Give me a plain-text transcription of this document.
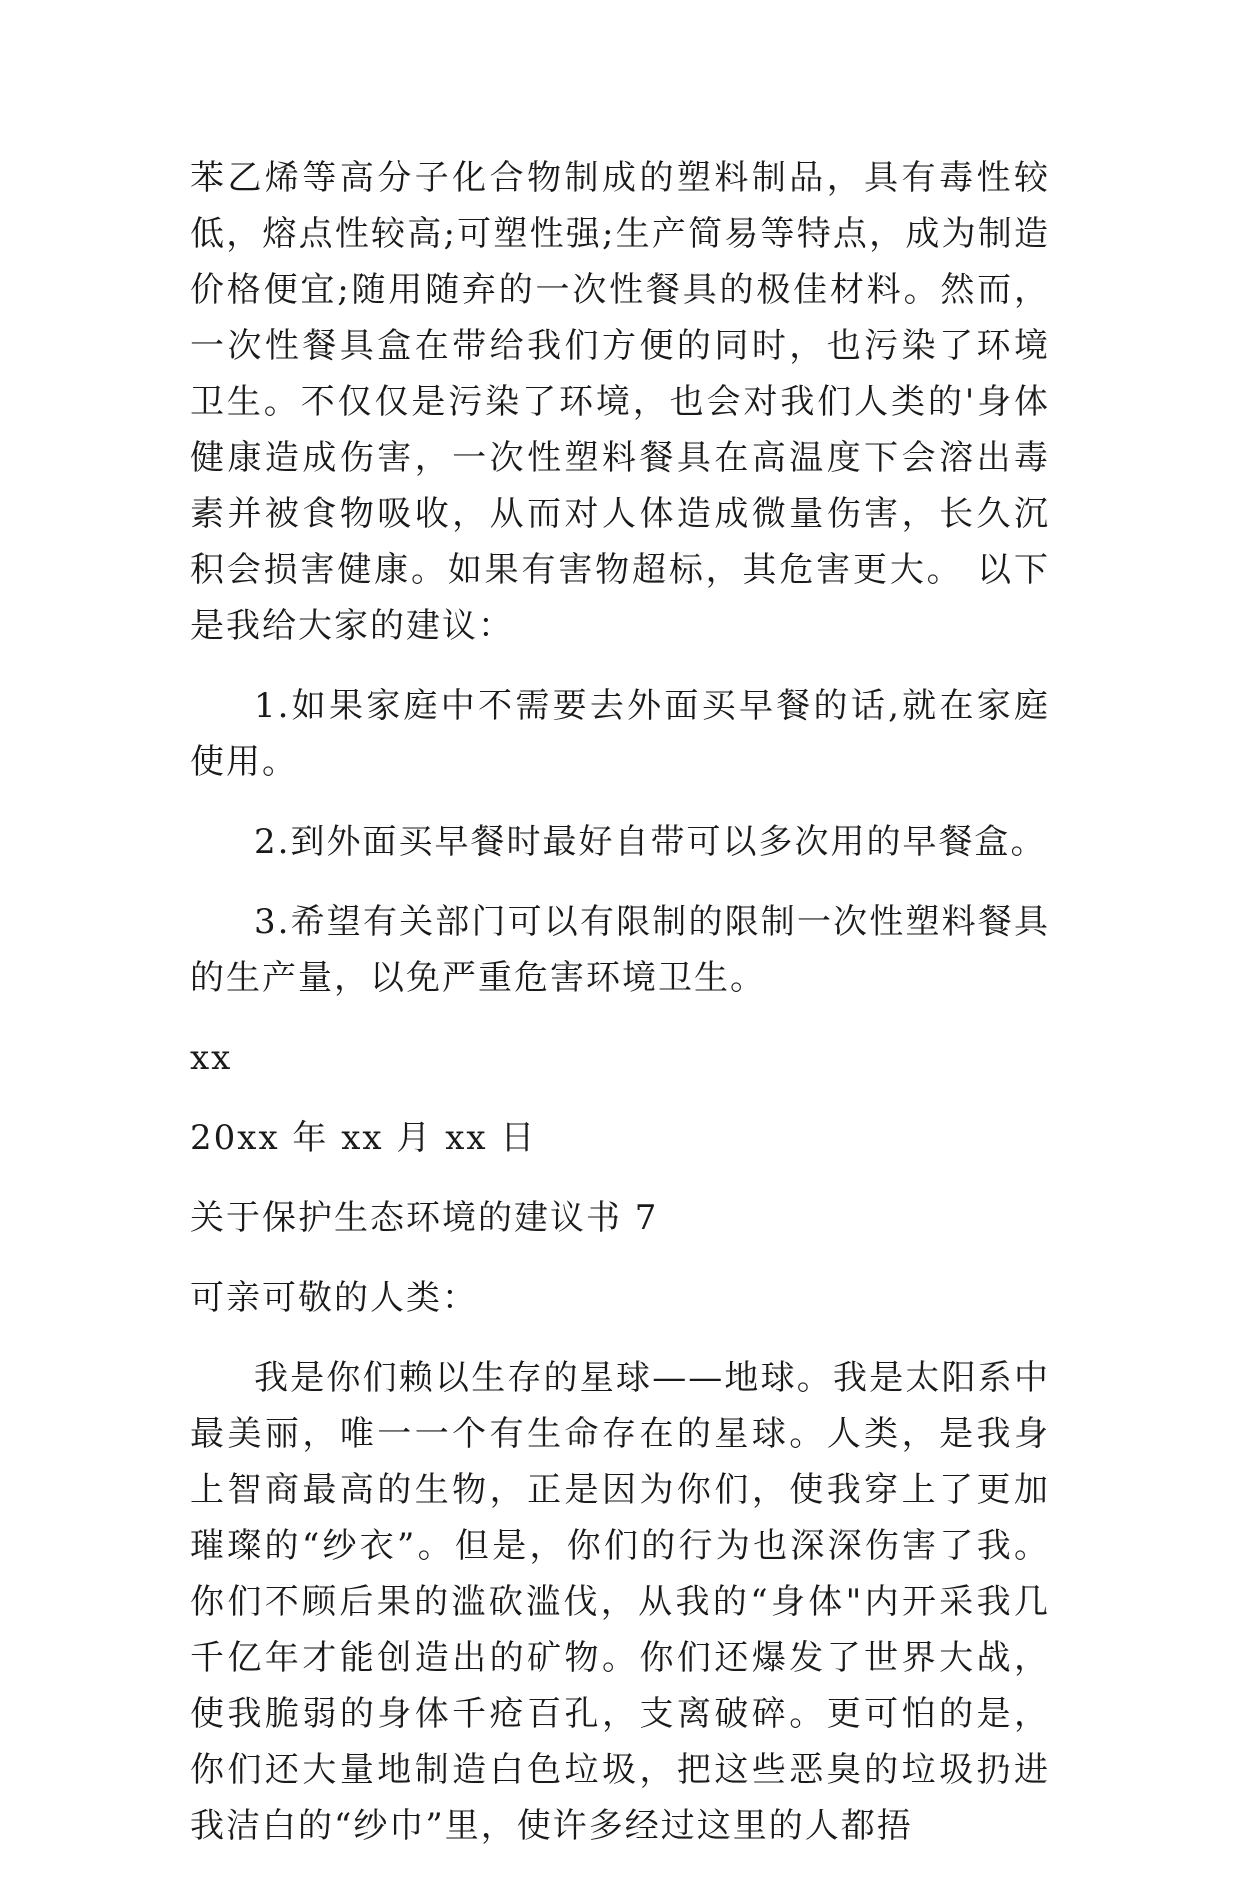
苯乙烯等高分子化合物制成的塑料制品，具有毒性较低，熔点性较高;可塑性强;生产简易等特点，成为制造价格便宜;随用随弃的一次性餐具的极佳材料。然而，一次性餐具盒在带给我们方便的同时，也污染了环境卫生。不仅仅是污染了环境，也会对我们人类的'身体健康造成伤害，一次性塑料餐具在高温度下会溶出毒素并被食物吸收，从而对人体造成微量伤害，长久沉积会损害健康。如果有害物超标，其危害更大。 以下是我给大家的建议：

1.如果家庭中不需要去外面买早餐的话,就在家庭使用。

2.到外面买早餐时最好自带可以多次用的早餐盒。

3.希望有关部门可以有限制的限制一次性塑料餐具的生产量，以免严重危害环境卫生。

xx

20xx 年 xx 月 xx 日

关于保护生态环境的建议书 7

可亲可敬的人类：

我是你们赖以生存的星球——地球。我是太阳系中最美丽，唯一一个有生命存在的星球。人类，是我身上智商最高的生物，正是因为你们，使我穿上了更加璀璨的“纱衣”。但是，你们的行为也深深伤害了我。你们不顾后果的滥砍滥伐，从我的“身体"内开采我几千亿年才能创造出的矿物。你们还爆发了世界大战，使我脆弱的身体千疮百孔，支离破碎。更可怕的是，你们还大量地制造白色垃圾，把这些恶臭的垃圾扔进我洁白的“纱巾”里，使许多经过这里的人都捂
